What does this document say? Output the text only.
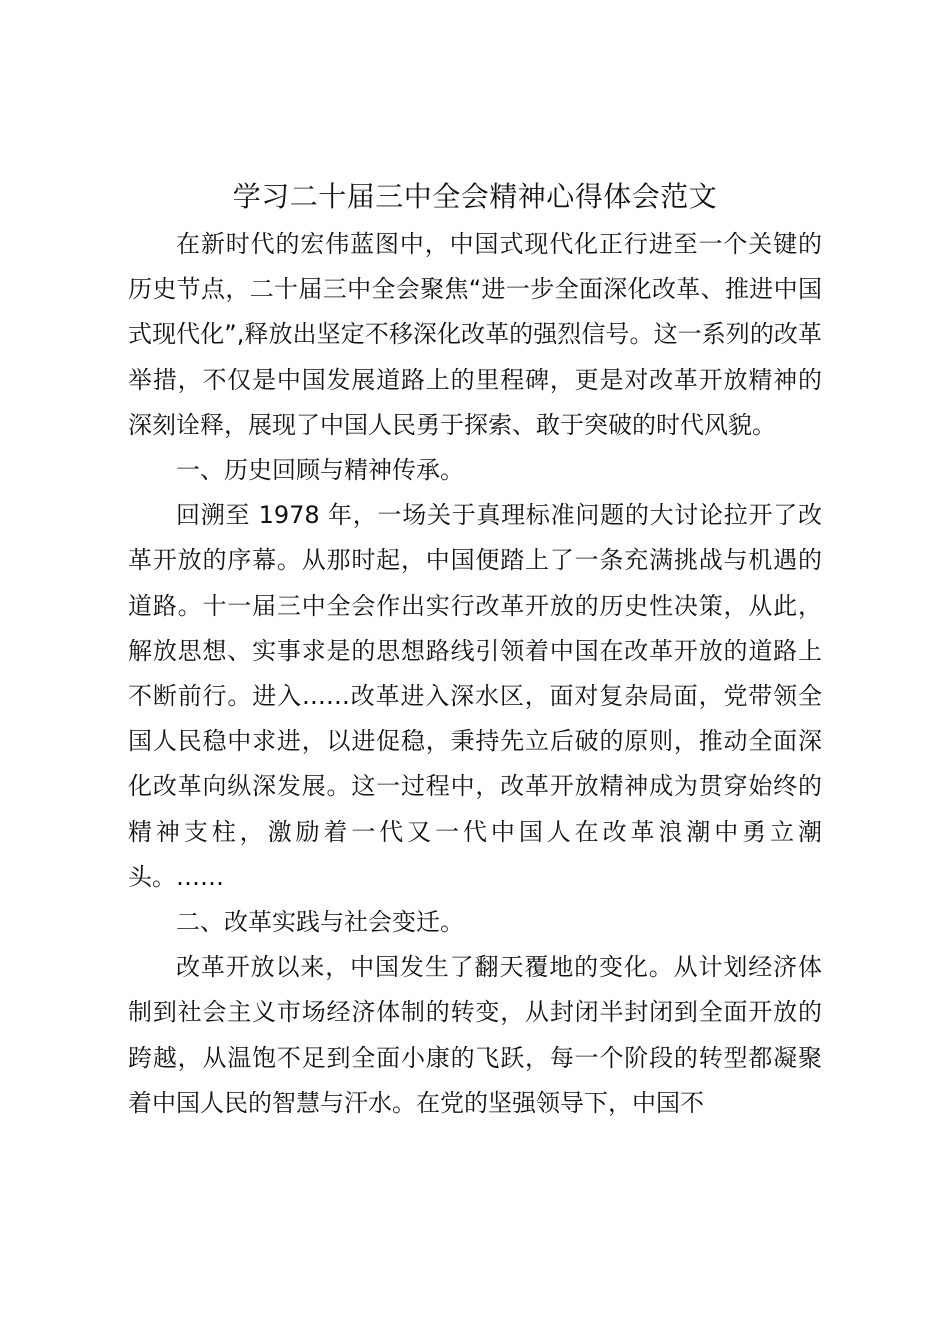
学习二十届三中全会精神心得体会范文

在新时代的宏伟蓝图中，中国式现代化正行进至一个关键的历史节点，二十届三中全会聚焦“进一步全面深化改革、推进中国式现代化”,释放出坚定不移深化改革的强烈信号。这一系列的改革举措，不仅是中国发展道路上的里程碑，更是对改革开放精神的深刻诠释，展现了中国人民勇于探索、敢于突破的时代风貌。

一、历史回顾与精神传承。

回溯至 1978 年，一场关于真理标准问题的大讨论拉开了改革开放的序幕。从那时起，中国便踏上了一条充满挑战与机遇的道路。十一届三中全会作出实行改革开放的历史性决策，从此，解放思想、实事求是的思想路线引领着中国在改革开放的道路上不断前行。进入……改革进入深水区，面对复杂局面，党带领全国人民稳中求进，以进促稳，秉持先立后破的原则，推动全面深化改革向纵深发展。这一过程中，改革开放精神成为贯穿始终的精神支柱，激励着一代又一代中国人在改革浪潮中勇立潮头。……

二、改革实践与社会变迁。

改革开放以来，中国发生了翻天覆地的变化。从计划经济体制到社会主义市场经济体制的转变，从封闭半封闭到全面开放的跨越，从温饱不足到全面小康的飞跃，每一个阶段的转型都凝聚着中国人民的智慧与汗水。在党的坚强领导下，中国不
